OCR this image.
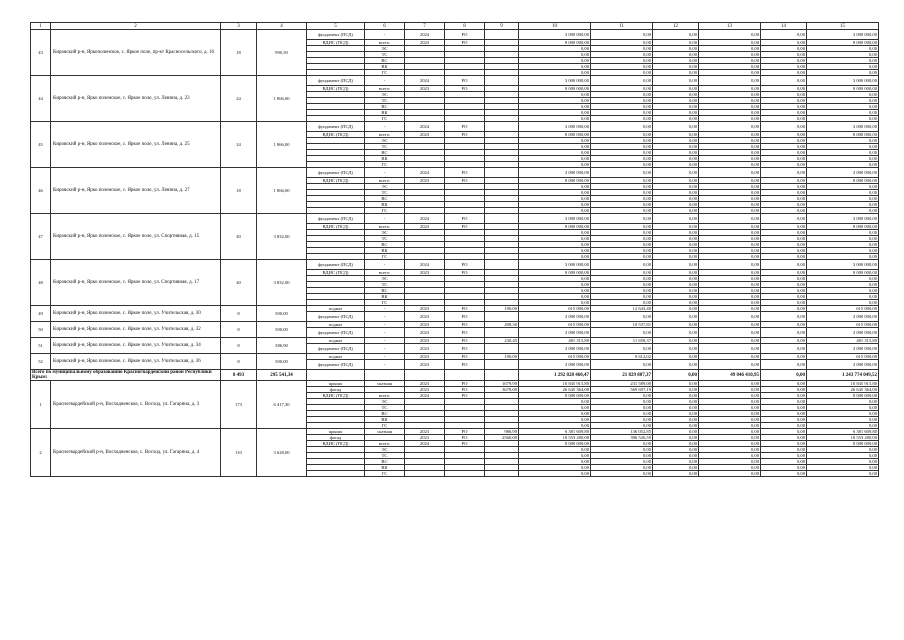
1	2	3	4	5	6	7	8	9	10	11	12	13	14	15
43	Кировский р-н, Яркополенское, с. Яркое поле, пр-кт Красносельского, д. 16	18	990,50	фундамент (ПСД)	-	2024	РО		3 000 000,00	0,00	0,00	0,00	0,00	3 000 000,00
				ВДИС (ПСД)	всего:	2023	РО		8 000 000,00	0,00	0,00	0,00	0,00	8 000 000,00
					ЭС				0,00	0,00	0,00	0,00	0,00	0,00
					ТС				0,00	0,00	0,00	0,00	0,00	0,00
					ВС				0,00	0,00	0,00	0,00	0,00	0,00
					ВК				0,00	0,00	0,00	0,00	0,00	0,00
					ГС				0,00	0,00	0,00	0,00	0,00	0,00
44	Кировский р-н, Ярко поленское, с. Яркое поле, ул. Ленина, д. 23	24	1 866,00	фундамент (ПСД)	-	2024	РО		3 000 000,00	0,00	0,00	0,00	0,00	3 000 000,00
				ВДИС (ПСД)	всего:	2023	РО		8 000 000,00	0,00	0,00	0,00	0,00	8 000 000,00
					ЭС				0,00	0,00	0,00	0,00	0,00	0,00
					ТС				0,00	0,00	0,00	0,00	0,00	0,00
					ВС				0,00	0,00	0,00	0,00	0,00	0,00
					ВК				0,00	0,00	0,00	0,00	0,00	0,00
					ГС				0,00	0,00	0,00	0,00	0,00	0,00
45	Кировский р-н, Ярко поленское, с. Яркое поле, ул. Ленина, д. 25	24	1 866,00	фундамент (ПСД)	-	2024	РО		3 000 000,00	0,00	0,00	0,00	0,00	3 000 000,00
				ВДИС (ПСД)	всего:	2023	РО		8 000 000,00	0,00	0,00	0,00	0,00	8 000 000,00
					ЭС				0,00	0,00	0,00	0,00	0,00	0,00
					ТС				0,00	0,00	0,00	0,00	0,00	0,00
					ВС				0,00	0,00	0,00	0,00	0,00	0,00
					ВК				0,00	0,00	0,00	0,00	0,00	0,00
					ГС				0,00	0,00	0,00	0,00	0,00	0,00
46	Кировский р-н, Ярко поленское, с. Яркое поле, ул. Ленина, д. 27	18	1 866,00	фундамент (ПСД)	-	2024	РО		3 000 000,00	0,00	0,00	0,00	0,00	3 000 000,00
				ВДИС (ПСД)	всего:	2023	РО		8 000 000,00	0,00	0,00	0,00	0,00	8 000 000,00
					ЭС				0,00	0,00	0,00	0,00	0,00	0,00
					ТС				0,00	0,00	0,00	0,00	0,00	0,00
					ВС				0,00	0,00	0,00	0,00	0,00	0,00
					ВК				0,00	0,00	0,00	0,00	0,00	0,00
					ГС				0,00	0,00	0,00	0,00	0,00	0,00
47	Кировский р-н, Ярко поленское, с. Яркое поле, ул. Спортивная, д. 15	40	3 832,00	фундамент (ПСД)	-	2024	РО		3 000 000,00	0,00	0,00	0,00	0,00	3 000 000,00
				ВДИС (ПСД)	всего:	2023	РО		8 000 000,00	0,00	0,00	0,00	0,00	8 000 000,00
					ЭС				0,00	0,00	0,00	0,00	0,00	0,00
					ТС				0,00	0,00	0,00	0,00	0,00	0,00
					ВС				0,00	0,00	0,00	0,00	0,00	0,00
					ВК				0,00	0,00	0,00	0,00	0,00	0,00
					ГС				0,00	0,00	0,00	0,00	0,00	0,00
48	Кировский р-н, Ярко поленское, с. Яркое поле, ул. Спортивная, д. 17	40	3 832,00	фундамент (ПСД)	-	2024	РО		3 000 000,00	0,00	0,00	0,00	0,00	3 000 000,00
				ВДИС (ПСД)	всего:	2023	РО		8 000 000,00	0,00	0,00	0,00	0,00	8 000 000,00
					ЭС				0,00	0,00	0,00	0,00	0,00	0,00
					ТС				0,00	0,00	0,00	0,00	0,00	0,00
					ВС				0,00	0,00	0,00	0,00	0,00	0,00
					ВК				0,00	0,00	0,00	0,00	0,00	0,00
					ГС				0,00	0,00	0,00	0,00	0,00	0,00
49	Кировский р-н, Ярко поленское, с. Яркое поле, ул. Учительская, д. 30	8	500,00	подвал	-	2023	РО	190,00	615 000,00	12 643,40	0,00	0,00	0,00	615 000,00
				фундамент (ПСД)	-	2023	РО		3 000 000,00	0,00	0,00	0,00	0,00	3 000 000,00
50	Кировский р-н, Ярко поленское, с. Яркое поле, ул. Учительская, д. 32	8	500,00	подвал	-	2023	РО	208,30	615 000,00	10 537,81	0,00	0,00	0,00	615 000,00
				фундамент (ПСД)	-	2023	РО		3 000 000,00	0,00	0,00	0,00	0,00	3 000 000,00
51	Кировский р-н, Ярко поленское, с. Яркое поле, ул. Учительская, д. 34	8	386,90	подвал	-	2023	РО	230,45	481 315,80	11 658,37	0,00	0,00	0,00	481 315,80
				фундамент (ПСД)	-	2023	РО		3 000 000,00	0,00	0,00	0,00	0,00	3 000 000,00
52	Кировский р-н, Ярко поленское, с. Яркое поле, ул. Учительская, д. 36	8	500,00	подвал	-	2023	РО	190,00	615 000,00	9 612,02	0,00	0,00	0,00	615 000,00
				фундамент (ПСД)	-	2023	РО		3 000 000,00	0,00	0,00	0,00	0,00	3 000 000,00
Всего по муниципальному образованию Красногвардейский район Республики Крым:		8 493	295 541,34						1 292 828 460,47	21 829 807,37	0,00	49 046 410,95	0,00	1 243 774 049,52
1	Красногвардейский р-н, Восходненское, с. Восход, ул. Гагарина, д. 3	173	6 417,30	крыша	скатная	2023	РО	1679,90	10 845 915,80	231 589,00	0,00	0,00	0,00	10 845 915,80
				фасад		2023	РО	3678,00	26 645 364,00	569 697,19	0,00	0,00	0,00	26 645 364,00
				ВДИС (ПСД)	всего:	2024	РО		8 000 000,00	0,00	0,00	0,00	0,00	8 000 000,00
					ЭС				0,00	0,00	0,00	0,00	0,00	0,00
					ТС				0,00	0,00	0,00	0,00	0,00	0,00
					ВС				0,00	0,00	0,00	0,00	0,00	0,00
					ВК				0,00	0,00	0,00	0,00	0,00	0,00
					ГС				0,00	0,00	0,00	0,00	0,00	0,00
2	Красногвардейский р-н, Восходненское, с. Восход, ул. Гагарина, д. 4	110	3 628,00	крыша	скатная	2023	РО	986,90	6 381 609,80	136 052,85	0,00	0,00	0,00	6 381 609,80
				фасад		2023	РО	2560,00	18 553 280,00	396 526,59	0,00	0,00	0,00	18 553 280,00
				ВДИС (ПСД)	всего:	2024	РО		8 000 000,00	0,00	0,00	0,00	0,00	8 000 000,00
					ЭС				0,00	0,00	0,00	0,00	0,00	0,00
					ТС				0,00	0,00	0,00	0,00	0,00	0,00
					ВС				0,00	0,00	0,00	0,00	0,00	0,00
					ВК				0,00	0,00	0,00	0,00	0,00	0,00
					ГС				0,00	0,00	0,00	0,00	0,00	0,00
